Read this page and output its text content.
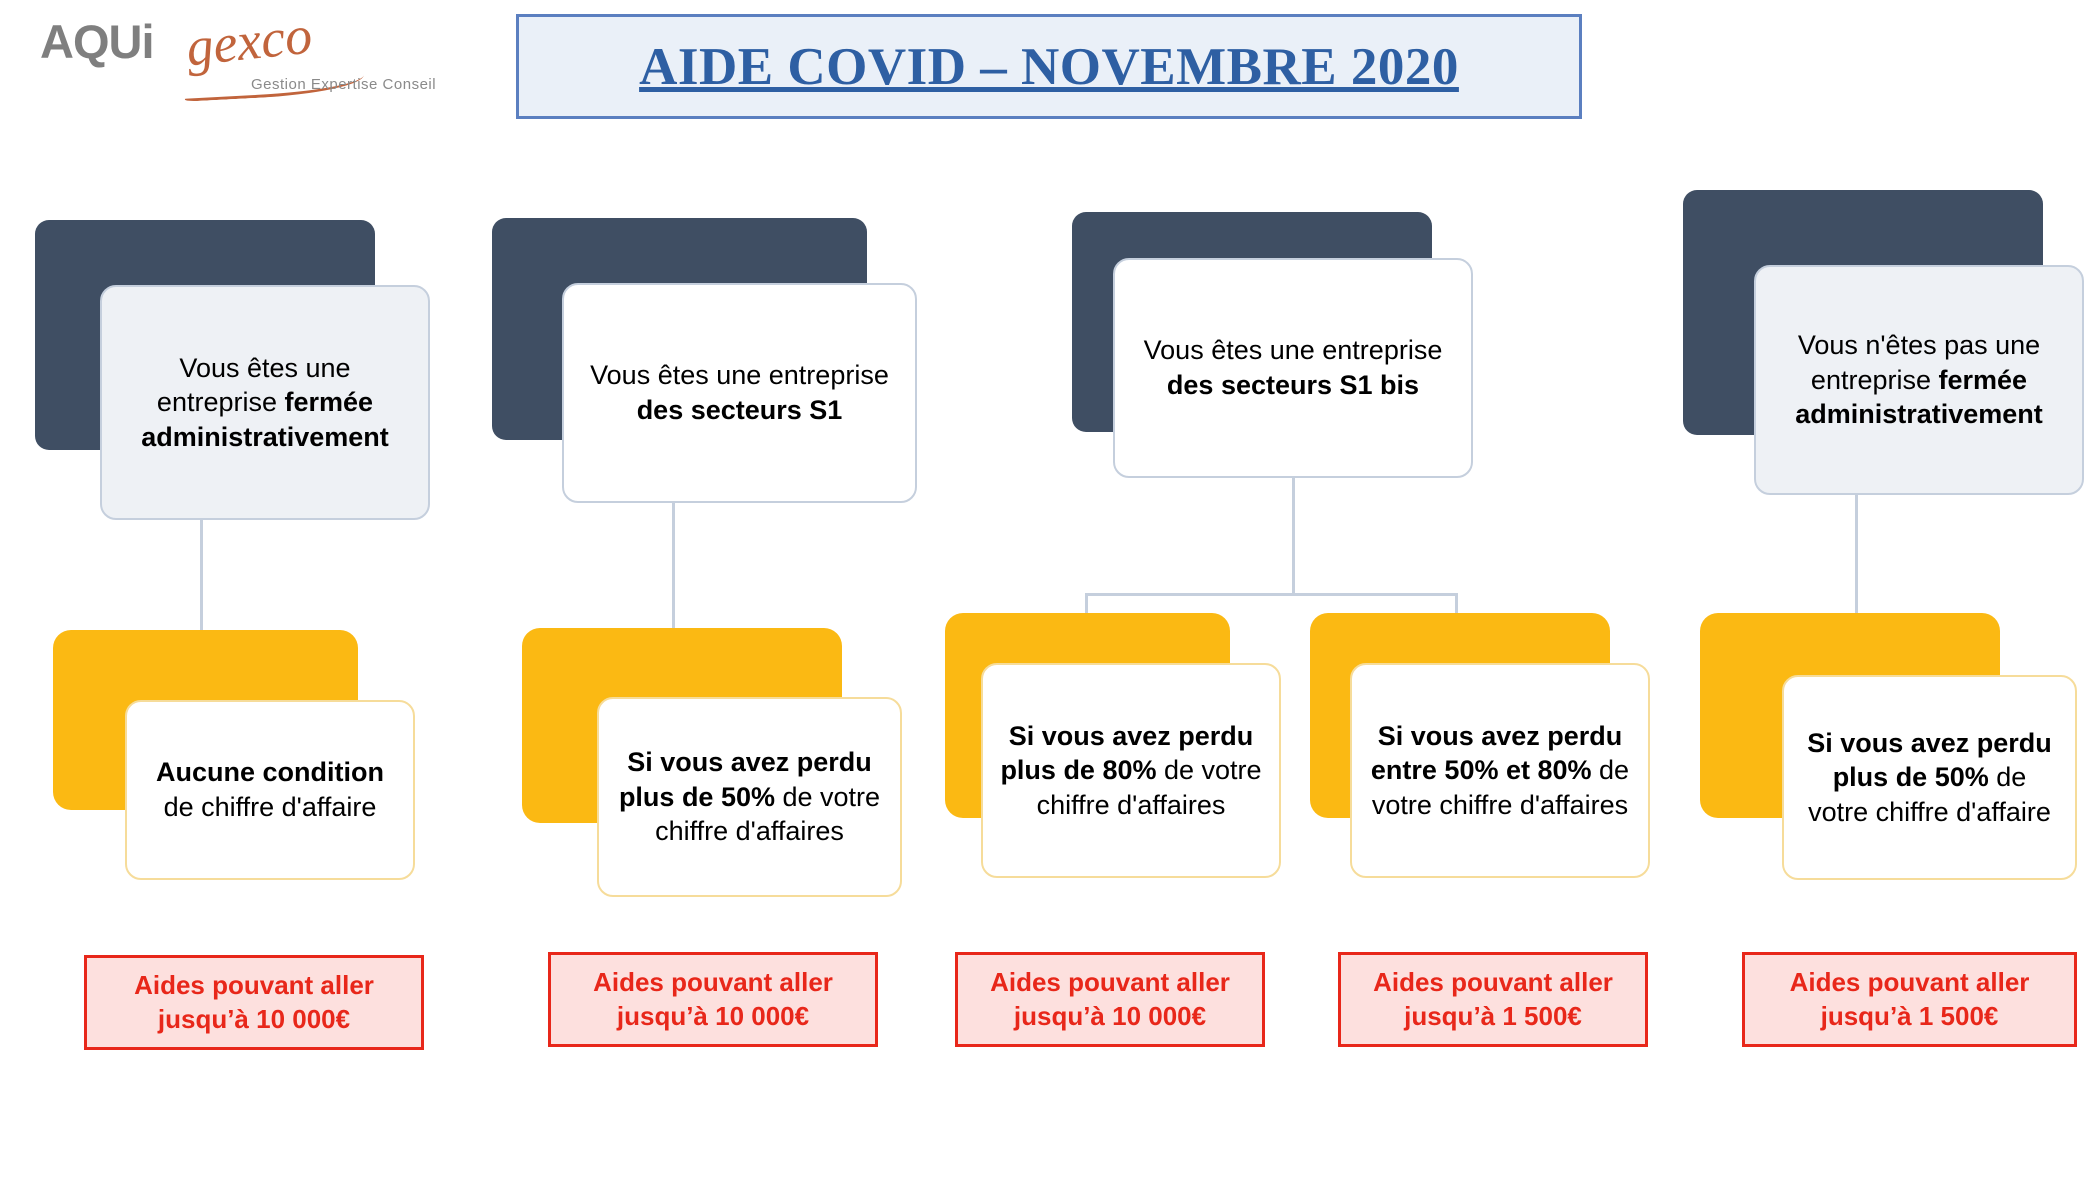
AQUi gexco
Gestion Expertise Conseil	AIDE COVID – NOVEMBRE 2020
Vous êtes une entreprise fermée administrativement
Aucune condition de chiffre d'affaire
Aides pouvant aller jusqu’à 10 000€
Vous êtes une entreprise des secteurs S1
Si vous avez perdu plus de 50% de votre chiffre d'affaires
Aides pouvant aller jusqu’à 10 000€
Vous êtes une entreprise des secteurs S1 bis
Si vous avez perdu plus de 80% de votre chiffre d'affaires
Aides pouvant aller jusqu’à 10 000€
Si vous avez perdu entre 50% et 80% de votre chiffre d'affaires
Aides pouvant aller jusqu’à 1 500€
Vous n'êtes pas une entreprise fermée administrativement
Si vous avez perdu plus de 50% de votre chiffre d'affaire
Aides pouvant aller jusqu’à 1 500€
